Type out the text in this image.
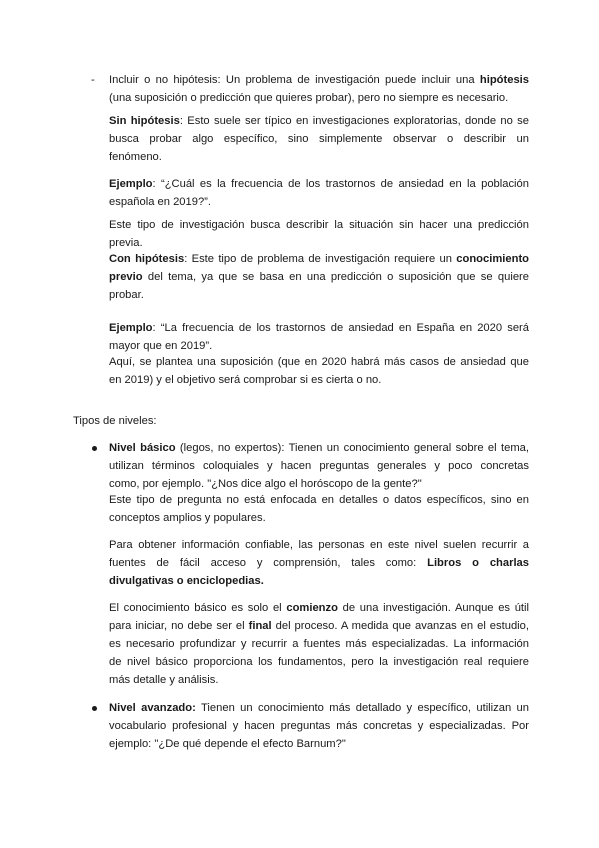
- Incluir o no hipótesis: Un problema de investigación puede incluir una hipótesis
(una suposición o predicción que quieres probar), pero no siempre es necesario.
Sin hipótesis: Esto suele ser típico en investigaciones exploratorias, donde no se
busca probar algo específico, sino simplemente observar o describir un
fenómeno.
Ejemplo: “¿Cuál es la frecuencia de los trastornos de ansiedad en la población
española en 2019?”.
Este tipo de investigación busca describir la situación sin hacer una predicción
previa.
Con hipótesis: Este tipo de problema de investigación requiere un conocimiento
previo del tema, ya que se basa en una predicción o suposición que se quiere
probar.
Ejemplo: “La frecuencia de los trastornos de ansiedad en España en 2020 será
mayor que en 2019”.
Aquí, se plantea una suposición (que en 2020 habrá más casos de ansiedad que
en 2019) y el objetivo será comprobar si es cierta o no.
Tipos de niveles:
Nivel básico (legos, no expertos): Tienen un conocimiento general sobre el tema,
utilizan términos coloquiales y hacen preguntas generales y poco concretas
como, por ejemplo. "¿Nos dice algo el horóscopo de la gente?"
Este tipo de pregunta no está enfocada en detalles o datos específicos, sino en
conceptos amplios y populares.
Para obtener información confiable, las personas en este nivel suelen recurrir a
fuentes de fácil acceso y comprensión, tales como: Libros o charlas
divulgativas o enciclopedias.
El conocimiento básico es solo el comienzo de una investigación. Aunque es útil
para iniciar, no debe ser el final del proceso. A medida que avanzas en el estudio,
es necesario profundizar y recurrir a fuentes más especializadas. La información
de nivel básico proporciona los fundamentos, pero la investigación real requiere
más detalle y análisis.
Nivel avanzado: Tienen un conocimiento más detallado y específico, utilizan un
vocabulario profesional y hacen preguntas más concretas y especializadas. Por
ejemplo: "¿De qué depende el efecto Barnum?"
